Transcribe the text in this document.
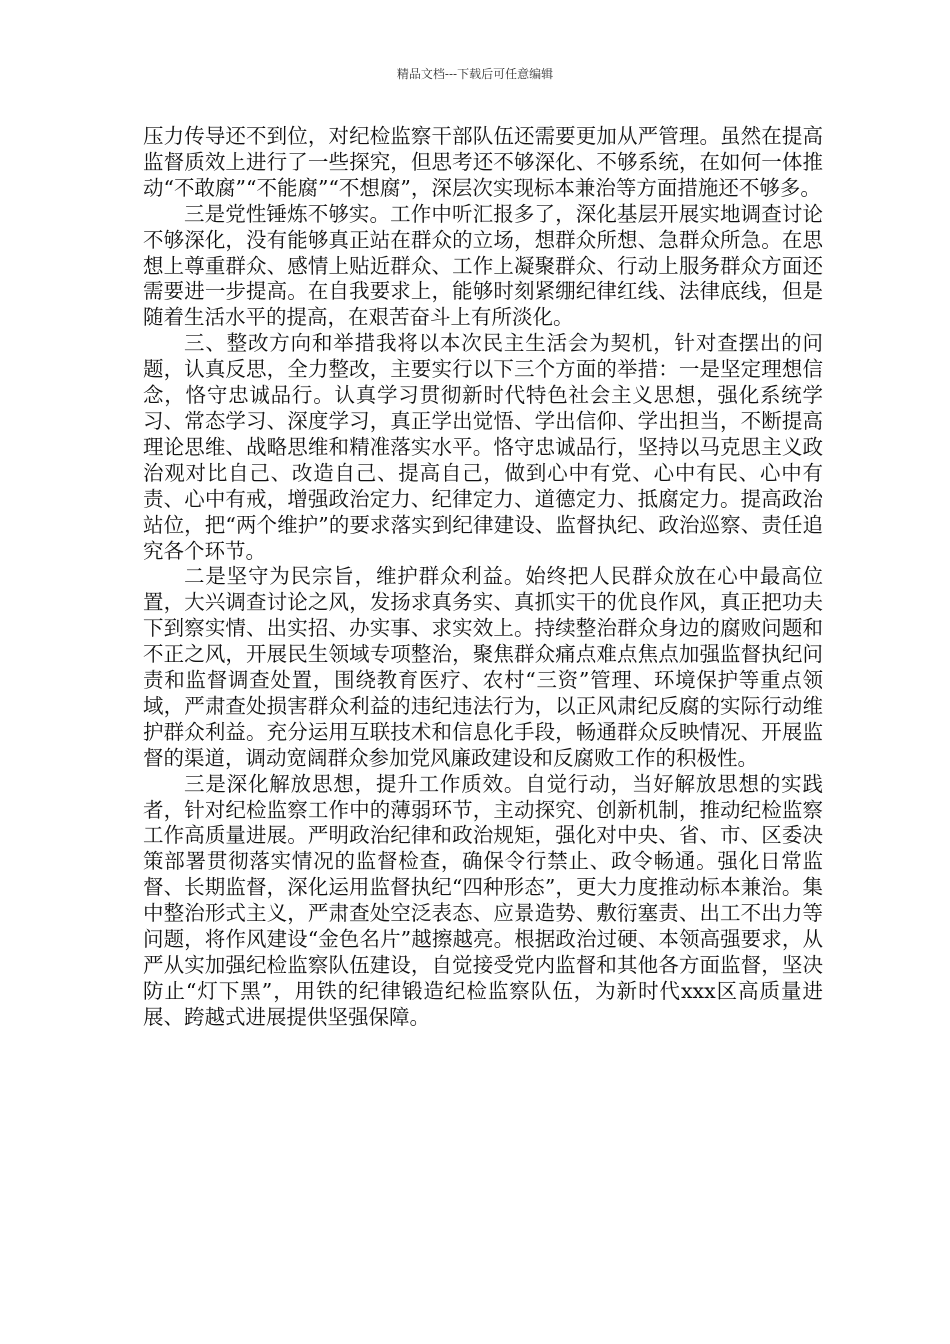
精品文档---下载后可任意编辑

压力传导还不到位，对纪检监察干部队伍还需要更加从严管理。虽然在提高监督质效上进行了一些探究，但思考还不够深化、不够系统，在如何一体推动“不敢腐”“不能腐”“不想腐”，深层次实现标本兼治等方面措施还不够多。

三是党性锤炼不够实。工作中听汇报多了，深化基层开展实地调查讨论不够深化，没有能够真正站在群众的立场，想群众所想、急群众所急。在思想上尊重群众、感情上贴近群众、工作上凝聚群众、行动上服务群众方面还需要进一步提高。在自我要求上，能够时刻紧绷纪律红线、法律底线，但是随着生活水平的提高，在艰苦奋斗上有所淡化。

三、整改方向和举措我将以本次民主生活会为契机，针对查摆出的问题，认真反思，全力整改，主要实行以下三个方面的举措：一是坚定理想信念，恪守忠诚品行。认真学习贯彻新时代特色社会主义思想，强化系统学习、常态学习、深度学习，真正学出觉悟、学出信仰、学出担当，不断提高理论思维、战略思维和精准落实水平。恪守忠诚品行，坚持以马克思主义政治观对比自己、改造自己、提高自己，做到心中有党、心中有民、心中有责、心中有戒，增强政治定力、纪律定力、道德定力、抵腐定力。提高政治站位，把“两个维护”的要求落实到纪律建设、监督执纪、政治巡察、责任追究各个环节。

二是坚守为民宗旨，维护群众利益。始终把人民群众放在心中最高位置，大兴调查讨论之风，发扬求真务实、真抓实干的优良作风，真正把功夫下到察实情、出实招、办实事、求实效上。持续整治群众身边的腐败问题和不正之风，开展民生领域专项整治，聚焦群众痛点难点焦点加强监督执纪问责和监督调查处置，围绕教育医疗、农村“三资”管理、环境保护等重点领域，严肃查处损害群众利益的违纪违法行为，以正风肃纪反腐的实际行动维护群众利益。充分运用互联技术和信息化手段，畅通群众反映情况、开展监督的渠道，调动宽阔群众参加党风廉政建设和反腐败工作的积极性。

三是深化解放思想，提升工作质效。自觉行动，当好解放思想的实践者，针对纪检监察工作中的薄弱环节，主动探究、创新机制，推动纪检监察工作高质量进展。严明政治纪律和政治规矩，强化对中央、省、市、区委决策部署贯彻落实情况的监督检查，确保令行禁止、政令畅通。强化日常监督、长期监督，深化运用监督执纪“四种形态”，更大力度推动标本兼治。集中整治形式主义，严肃查处空泛表态、应景造势、敷衍塞责、出工不出力等问题，将作风建设“金色名片”越擦越亮。根据政治过硬、本领高强要求，从严从实加强纪检监察队伍建设，自觉接受党内监督和其他各方面监督，坚决防止“灯下黑”，用铁的纪律锻造纪检监察队伍，为新时代xxx区高质量进展、跨越式进展提供坚强保障。
